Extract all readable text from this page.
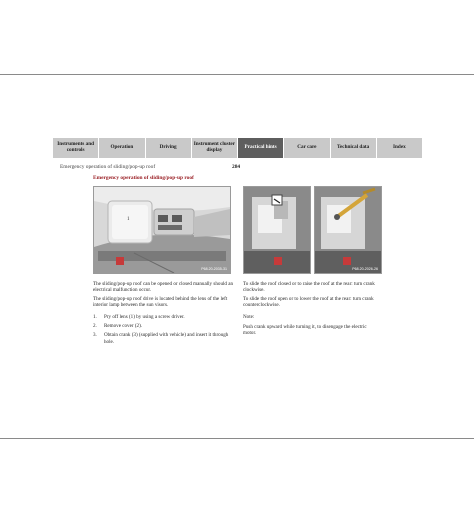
Instruments and controls	Operation	Driving	Instrument cluster display	Practical hints	Car care	Technical data	Index
Emergency operation of sliding/pop-up roof	284
Emergency operation of sliding/pop-up roof
1
P68.20-2035-31	P68.20-2026-26
The sliding/pop-up roof can be opened or closed manually should an electrical malfunction occur.
The sliding/pop-up roof drive is located behind the lens of the left interior lamp between the sun visors.
1.	Pry off lens (1) by using a screw driver.
2.	Remove cover (2).
3.	Obtain crank (3) (supplied with vehicle) and insert it through hole.
To slide the roof closed or to raise the roof at the rear: turn crank clockwise.
To slide the roof open or to lower the roof at the rear: turn crank counterclockwise.
Note:
Push crank upward while turning it, to disengage the electric motor.
